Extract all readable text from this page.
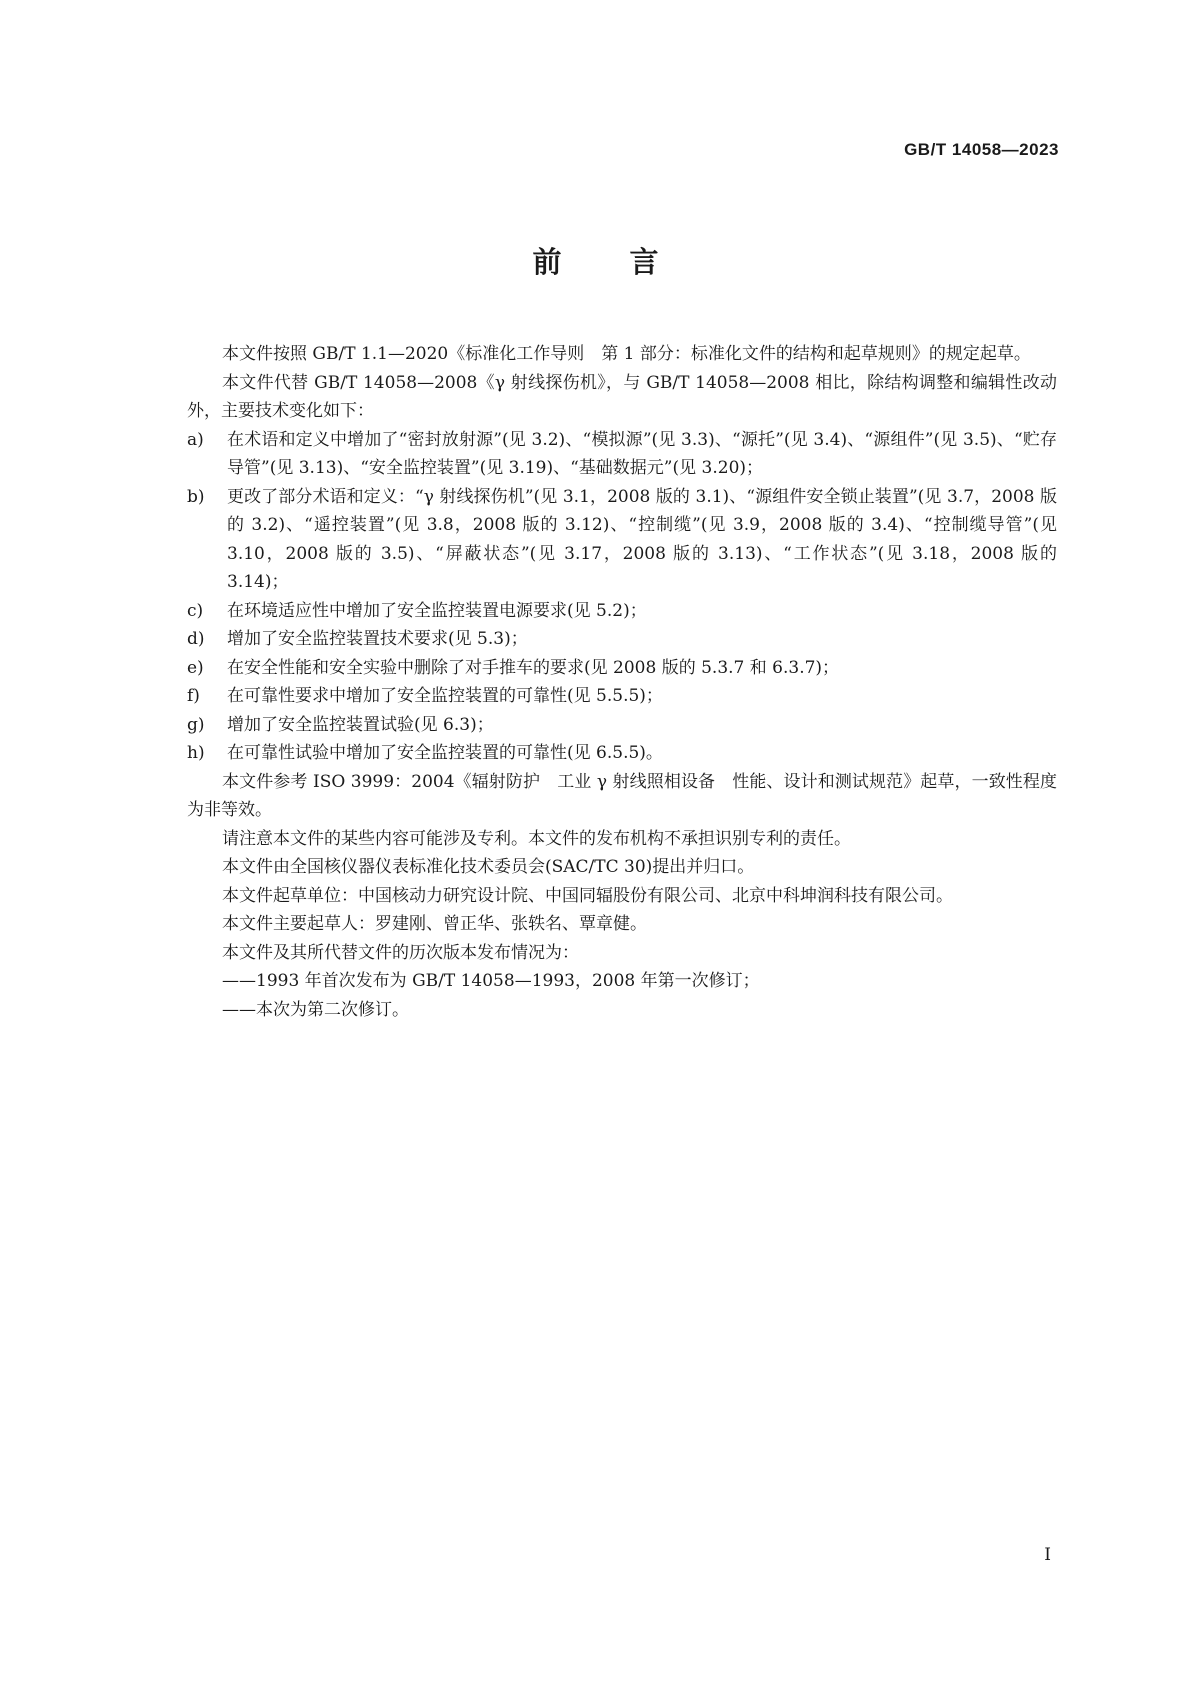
GB/T 14058—2023
前 言

本文件按照 GB/T 1.1—2020《标准化工作导则　第 1 部分：标准化文件的结构和起草规则》的规定起草。

本文件代替 GB/T 14058—2008《γ 射线探伤机》，与 GB/T 14058—2008 相比，除结构调整和编辑性改动外，主要技术变化如下：

a) 在术语和定义中增加了“密封放射源”(见 3.2)、“模拟源”(见 3.3)、“源托”(见 3.4)、“源组件”(见 3.5)、“贮存导管”(见 3.13)、“安全监控装置”(见 3.19)、“基础数据元”(见 3.20)；

b) 更改了部分术语和定义：“γ 射线探伤机”(见 3.1，2008 版的 3.1)、“源组件安全锁止装置”(见 3.7，2008 版的 3.2)、“遥控装置”(见 3.8，2008 版的 3.12)、“控制缆”(见 3.9，2008 版的 3.4)、“控制缆导管”(见 3.10，2008 版的 3.5)、“屏蔽状态”(见 3.17，2008 版的 3.13)、“工作状态”(见 3.18，2008 版的 3.14)；

c) 在环境适应性中增加了安全监控装置电源要求(见 5.2)；

d) 增加了安全监控装置技术要求(见 5.3)；

e) 在安全性能和安全实验中删除了对手推车的要求(见 2008 版的 5.3.7 和 6.3.7)；

f) 在可靠性要求中增加了安全监控装置的可靠性(见 5.5.5)；

g) 增加了安全监控装置试验(见 6.3)；

h) 在可靠性试验中增加了安全监控装置的可靠性(见 6.5.5)。

本文件参考 ISO 3999：2004《辐射防护　工业 γ 射线照相设备　性能、设计和测试规范》起草，一致性程度为非等效。

请注意本文件的某些内容可能涉及专利。本文件的发布机构不承担识别专利的责任。

本文件由全国核仪器仪表标准化技术委员会(SAC/TC 30)提出并归口。

本文件起草单位：中国核动力研究设计院、中国同辐股份有限公司、北京中科坤润科技有限公司。

本文件主要起草人：罗建刚、曾正华、张轶名、覃章健。

本文件及其所代替文件的历次版本发布情况为：

——1993 年首次发布为 GB/T 14058—1993，2008 年第一次修订；

——本次为第二次修订。

I
